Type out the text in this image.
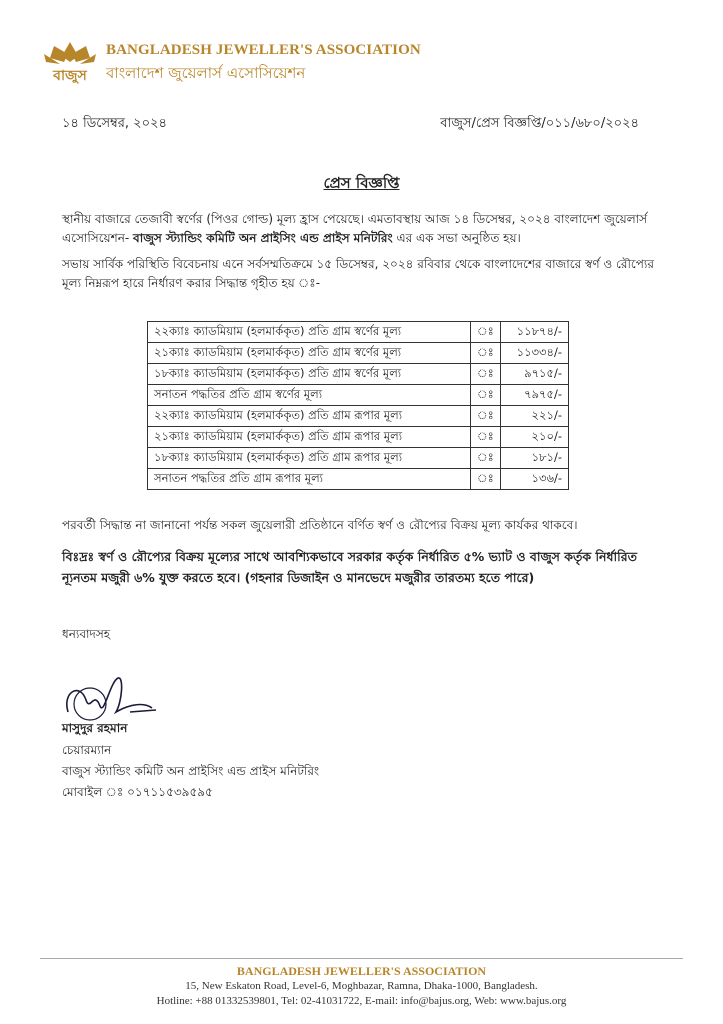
বাজুস
BANGLADESH JEWELLER'S ASSOCIATION
বাংলাদেশ জুয়েলার্স এসোসিয়েশন
১৪ ডিসেম্বর, ২০২৪	বাজুস/প্রেস বিজ্ঞপ্তি/০১১/৬৮০/২০২৪
প্রেস বিজ্ঞপ্তি
স্থানীয় বাজারে তেজাবী স্বর্ণের (পিওর গোল্ড) মূল্য হ্রাস পেয়েছে। এমতাবস্থায় আজ ১৪ ডিসেম্বর, ২০২৪ বাংলাদেশ জুয়েলার্স এসোসিয়েশন- বাজুস স্ট্যান্ডিং কমিটি অন প্রাইসিং এন্ড প্রাইস মনিটরিং এর এক সভা অনুষ্ঠিত হয়।
সভায় সার্বিক পরিস্থিতি বিবেচনায় এনে সর্বসম্মতিক্রমে ১৫ ডিসেম্বর, ২০২৪ রবিবার থেকে বাংলাদেশের বাজারে স্বর্ণ ও রৌপ্যের মূল্য নিম্নরূপ হারে নির্ধারণ করার সিদ্ধান্ত গৃহীত হয় ঃ-
২২ক্যাঃ ক্যাডমিয়াম (হলমার্ককৃত) প্রতি গ্রাম স্বর্ণের মূল্য	ঃ	১১৮৭৪/-
২১ক্যাঃ ক্যাডমিয়াম (হলমার্ককৃত) প্রতি গ্রাম স্বর্ণের মূল্য	ঃ	১১৩৩৪/-
১৮ক্যাঃ ক্যাডমিয়াম (হলমার্ককৃত) প্রতি গ্রাম স্বর্ণের মূল্য	ঃ	৯৭১৫/-
সনাতন পদ্ধতির প্রতি গ্রাম স্বর্ণের মূল্য	ঃ	৭৯৭৫/-
২২ক্যাঃ ক্যাডমিয়াম (হলমার্ককৃত) প্রতি গ্রাম রূপার মূল্য	ঃ	২২১/-
২১ক্যাঃ ক্যাডমিয়াম (হলমার্ককৃত) প্রতি গ্রাম রূপার মূল্য	ঃ	২১০/-
১৮ক্যাঃ ক্যাডমিয়াম (হলমার্ককৃত) প্রতি গ্রাম রূপার মূল্য	ঃ	১৮১/-
সনাতন পদ্ধতির প্রতি গ্রাম রূপার মূল্য	ঃ	১৩৬/-
পরবর্তী সিদ্ধান্ত না জানানো পর্যন্ত সকল জুয়েলারী প্রতিষ্ঠানে বর্ণিত স্বর্ণ ও রৌপ্যের বিক্রয় মূল্য কার্যকর থাকবে।
বিঃদ্রঃ স্বর্ণ ও রৌপ্যের বিক্রয় মূল্যের সাথে আবশ্যিকভাবে সরকার কর্তৃক নির্ধারিত ৫% ভ্যাট ও বাজুস কর্তৃক নির্ধারিত ন্যূনতম মজুরী ৬% যুক্ত করতে হবে। (গহনার ডিজাইন ও মানভেদে মজুরীর তারতম্য হতে পারে)
ধন্যবাদসহ
মাসুদুর রহমান
চেয়ারম্যান
বাজুস স্ট্যান্ডিং কমিটি অন প্রাইসিং এন্ড প্রাইস মনিটরিং
মোবাইল ঃ ০১৭১১৫৩৯৫৯৫
BANGLADESH JEWELLER'S ASSOCIATION
15, New Eskaton Road, Level-6, Moghbazar, Ramna, Dhaka-1000, Bangladesh.
Hotline: +88 01332539801, Tel: 02-41031722, E-mail: info@bajus.org, Web: www.bajus.org
